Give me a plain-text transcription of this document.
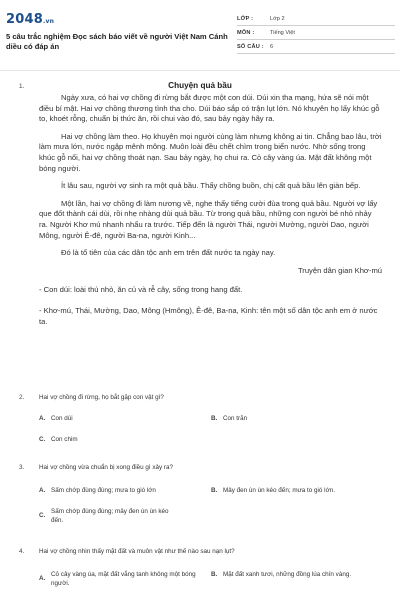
2048.vn
5 câu trắc nghiệm Đọc sách báo viết về người Việt Nam Cánh diều có đáp án
LỚP :	Lớp 2
MÔN :	Tiếng Việt
SỐ CÂU :	6
1.	Chuyện quả bầu

Ngày xưa, có hai vợ chồng đi rừng bắt được một con dúi. Dúi xin tha mạng, hứa sẽ nói một điều bí mật. Hai vợ chồng thương tình tha cho. Dúi báo sắp có trận lụt lớn. Nó khuyên họ lấy khúc gỗ to, khoét rỗng, chuẩn bị thức ăn, rồi chui vào đó, sau bảy ngày hãy ra.

Hai vợ chồng làm theo. Họ khuyên mọi người cùng làm nhưng không ai tin. Chẳng bao lâu, trời làm mưa lớn, nước ngập mênh mông. Muôn loài đều chết chìm trong biển nước. Nhờ sống trong khúc gỗ nổi, hai vợ chồng thoát nạn. Sau bảy ngày, họ chui ra. Cỏ cây vàng úa. Mặt đất không một bóng người.

Ít lâu sau, người vợ sinh ra một quả bầu. Thấy chồng buồn, chị cất quả bầu lên giàn bếp.

Một lần, hai vợ chồng đi làm nương về, nghe thấy tiếng cười đùa trong quả bầu. Người vợ lấy que đốt thành cái dùi, rồi nhẹ nhàng dùi quả bầu. Từ trong quả bầu, những con người bé nhỏ nhảy ra. Người Khơ mú nhanh nhẩu ra trước. Tiếp đến là người Thái, người Mường, người Dao, người Mông, người Ê-đê, người Ba-na, người Kinh...

Đó là tổ tiên của các dân tộc anh em trên đất nước ta ngày nay.

Truyện dân gian Khơ-mú

- Con dúi: loài thú nhỏ, ăn củ và rễ cây, sống trong hang đất.

- Khơ-mú, Thái, Mường, Dao, Mông (Hmông), Ê-đê, Ba-na, Kinh: tên một số dân tộc anh em ở nước ta.

2. Hai vợ chồng đi rừng, họ bắt gặp con vật gì?
A. Con dúi	B. Con trăn
C. Con chim
3. Hai vợ chồng vừa chuẩn bị xong điều gì xảy ra?
A. Sấm chớp đùng đùng; mưa to gió lớn	B. Mây đen ùn ùn kéo đến; mưa to gió lớn.
C.
Sấm chớp đùng đùng; mây đen ùn ùn kéo đến.
4. Hai vợ chồng nhìn thấy mặt đất và muôn vật như thế nào sau nạn lụt?
A.
Cỏ cây vàng úa, mặt đất vắng tanh không một bóng người.
B. Mặt đất xanh tươi, những đồng lúa chín vàng.
